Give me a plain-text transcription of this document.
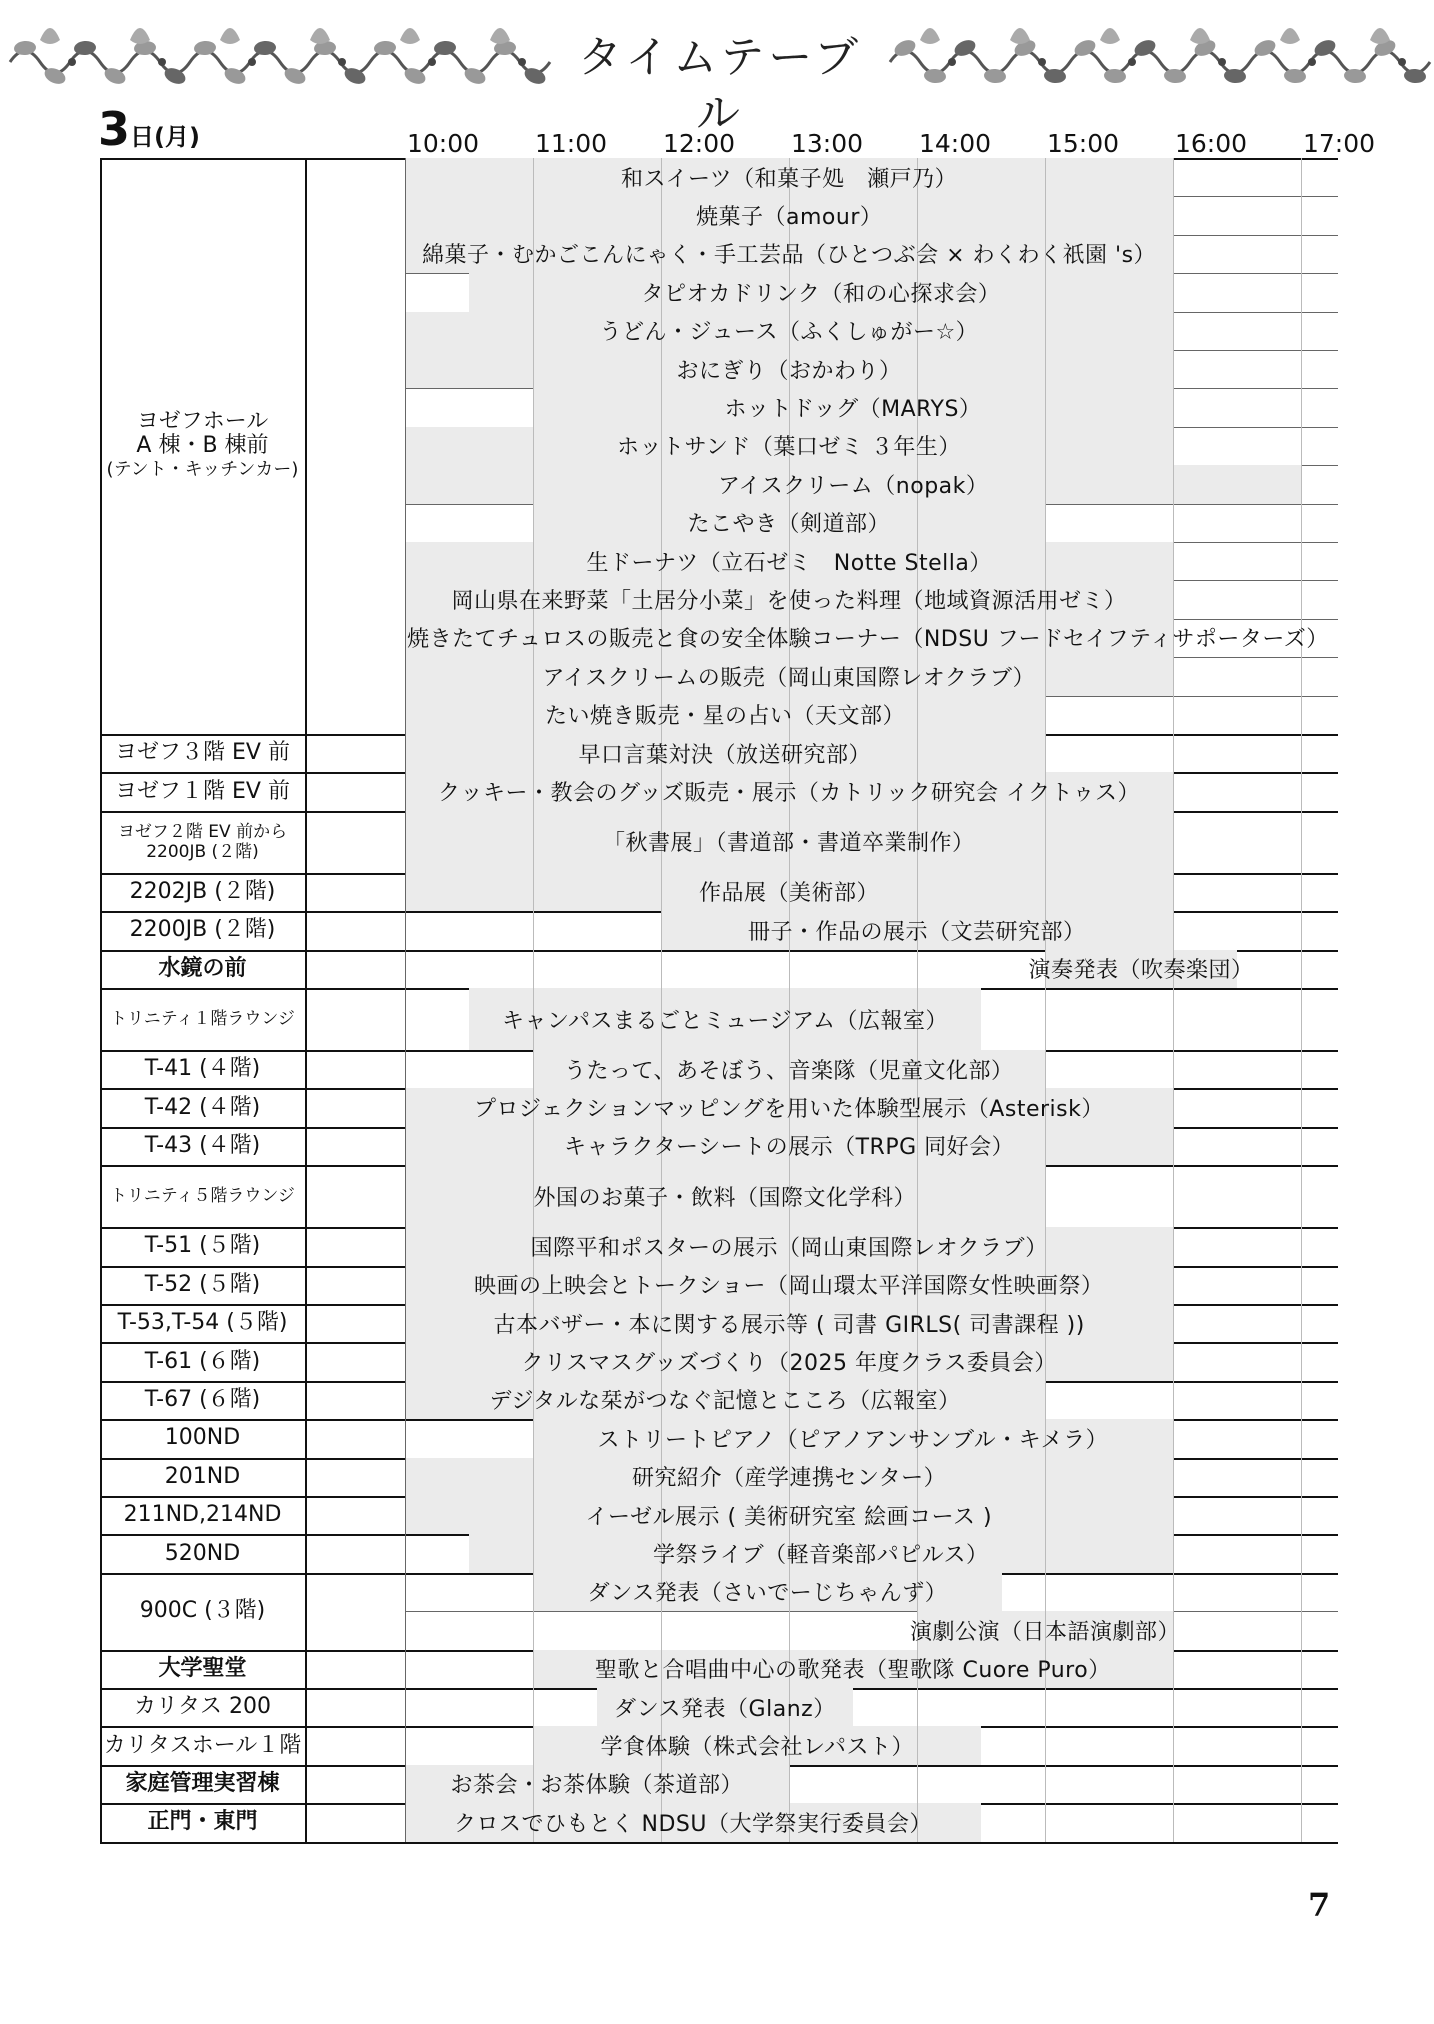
タイムテーブル
3日(月)	10:00 11:00 12:00 13:00 14:00 15:00 16:00 17:00
ヨゼフホール
A 棟・B 棟前
(テント・キッチンカー)
和スイーツ（和菓子処　瀬戸乃）
焼菓子（amour）
綿菓子・むかごこんにゃく・手工芸品（ひとつぶ会 × わくわく祇園 's）
タピオカドリンク（和の心探求会）
うどん・ジュース（ふくしゅがー☆）
おにぎり（おかわり）
ホットドッグ（MARYS）
ホットサンド（葉口ゼミ ３年生）
アイスクリーム（nopak）
たこやき（剣道部）
生ドーナツ（立石ゼミ　Notte Stella）
岡山県在来野菜「土居分小菜」を使った料理（地域資源活用ゼミ）
焼きたてチュロスの販売と食の安全体験コーナー（NDSU フードセイフティサポーターズ）
アイスクリームの販売（岡山東国際レオクラブ）
たい焼き販売・星の占い（天文部）
ヨゼフ３階 EV 前	早口言葉対決（放送研究部）
ヨゼフ１階 EV 前	クッキー・教会のグッズ販売・展示（カトリック研究会 イクトゥス）
ヨゼフ２階 EV 前から
2200JB (２階)	「秋書展」（書道部・書道卒業制作）
2202JB (２階)	作品展（美術部）
2200JB (２階)	冊子・作品の展示（文芸研究部）
水鏡の前	演奏発表（吹奏楽団）
トリニティ１階ラウンジ	キャンパスまるごとミュージアム（広報室）
T-41 (４階)	うたって、あそぼう、音楽隊（児童文化部）
T-42 (４階)	プロジェクションマッピングを用いた体験型展示（Asterisk）
T-43 (４階)	キャラクターシートの展示（TRPG 同好会）
トリニティ５階ラウンジ	外国のお菓子・飲料（国際文化学科）
T-51 (５階)	国際平和ポスターの展示（岡山東国際レオクラブ）
T-52 (５階)	映画の上映会とトークショー（岡山環太平洋国際女性映画祭）
T-53,T-54 (５階)	古本バザー・本に関する展示等 ( 司書 GIRLS( 司書課程 ))
T-61 (６階)	クリスマスグッズづくり（2025 年度クラス委員会）
T-67 (６階)	デジタルな栞がつなぐ記憶とこころ（広報室）
100ND	ストリートピアノ（ピアノアンサンブル・キメラ）
201ND	研究紹介（産学連携センター）
211ND,214ND	イーゼル展示 ( 美術研究室 絵画コース )
520ND	学祭ライブ（軽音楽部パピルス）
900C (３階)
ダンス発表（さいでーじちゃんず）
演劇公演（日本語演劇部）
大学聖堂	聖歌と合唱曲中心の歌発表（聖歌隊 Cuore Puro）
カリタス 200	ダンス発表（Glanz）
カリタスホール１階	学食体験（株式会社レパスト）
家庭管理実習棟	お茶会・お茶体験（茶道部）
正門・東門	クロスでひもとく NDSU（大学祭実行委員会）
7
